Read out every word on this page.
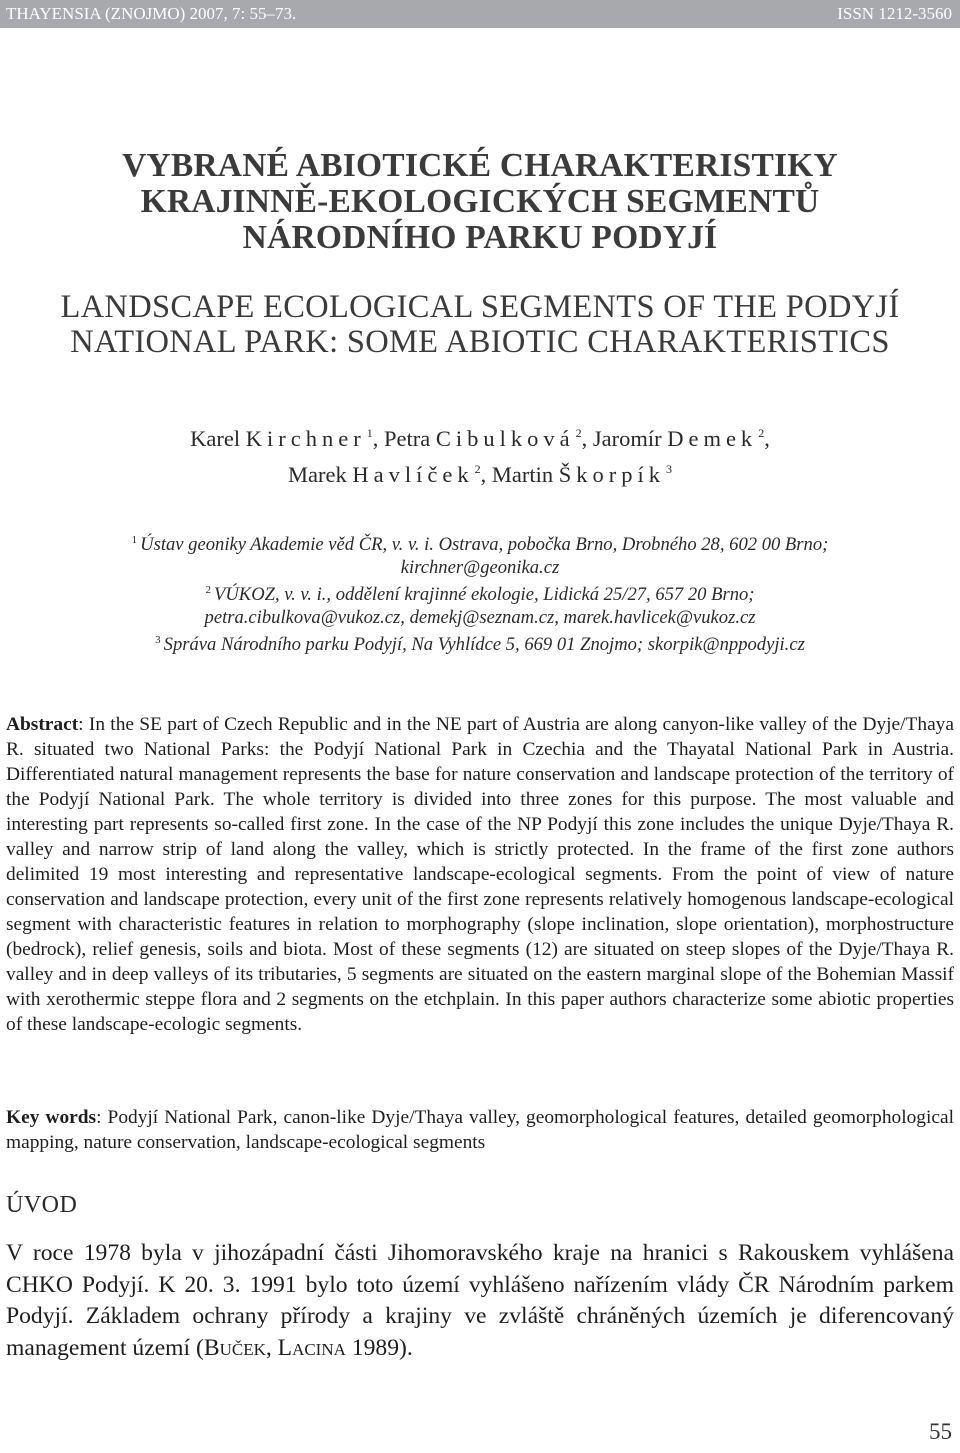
THAYENSIA (ZNOJMO) 2007, 7: 55–73.	ISSN 1212-3560
VYBRANÉ ABIOTICKÉ CHARAKTERISTIKY
KRAJINNĚ-EKOLOGICKÝCH SEGMENTŮ
NÁRODNÍHO PARKU PODYJÍ
LANDSCAPE ECOLOGICAL SEGMENTS OF THE PODYJÍ
NATIONAL PARK: SOME ABIOTIC CHARAKTERISTICS
Karel Kirchner$^1$, Petra Cibulková$^2$, Jaromír Demek$^2$,
Marek Havlíček$^2$, Martin Škorpík$^3$
$^1$ Ústav geoniky Akademie věd ČR, v. v. i. Ostrava, pobočka Brno, Drobného 28, 602 00 Brno;
kirchner@geonika.cz
$^2$ VÚKOZ, v. v. i., oddělení krajinné ekologie, Lidická 25/27, 657 20 Brno;
petra.cibulkova@vukoz.cz, demekj@seznam.cz, marek.havlicek@vukoz.cz
$^3$ Správa Národního parku Podyjí, Na Vyhlídce 5, 669 01 Znojmo; skorpik@nppodyji.cz

Abstract: In the SE part of Czech Republic and in the NE part of Austria are along canyon-like valley of the Dyje/Thaya R. situated two National Parks: the Podyjí National Park in Czechia and the Thayatal National Park in Austria. Differentiated natural management represents the base for nature conservation and landscape protection of the territory of the Podyjí National Park. The whole territory is divided into three zones for this purpose. The most valuable and interesting part represents so-called first zone. In the case of the NP Podyjí this zone includes the unique Dyje/Thaya R. valley and narrow strip of land along the valley, which is strictly protected. In the frame of the first zone authors delimited 19 most interesting and representative landscape-ecological segments. From the point of view of nature conservation and landscape protection, every unit of the first zone represents relatively homogenous landscape-ecological segment with characteristic features in relation to morphography (slope inclination, slope orientation), morphostructure (bedrock), relief genesis, soils and biota. Most of these segments (12) are situated on steep slopes of the Dyje/Thaya R. valley and in deep valleys of its tributaries, 5 segments are situated on the eastern marginal slope of the Bohemian Massif with xerothermic steppe flora and 2 segments on the etchplain. In this paper authors characterize some abiotic properties of these landscape-ecologic segments.

Key words: Podyjí National Park, canon-like Dyje/Thaya valley, geomorphological features, detailed geomorphological mapping, nature conservation, landscape-ecological segments

ÚVOD

V roce 1978 byla v jihozápadní části Jihomoravského kraje na hranici s Rakouskem vyhlášena CHKO Podyjí. K 20. 3. 1991 bylo toto území vyhlášeno nařízením vlády ČR Národním parkem Podyjí. Základem ochrany přírody a krajiny ve zvláště chráněných územích je diferencovaný management území (Buček, Lacina 1989).

55
